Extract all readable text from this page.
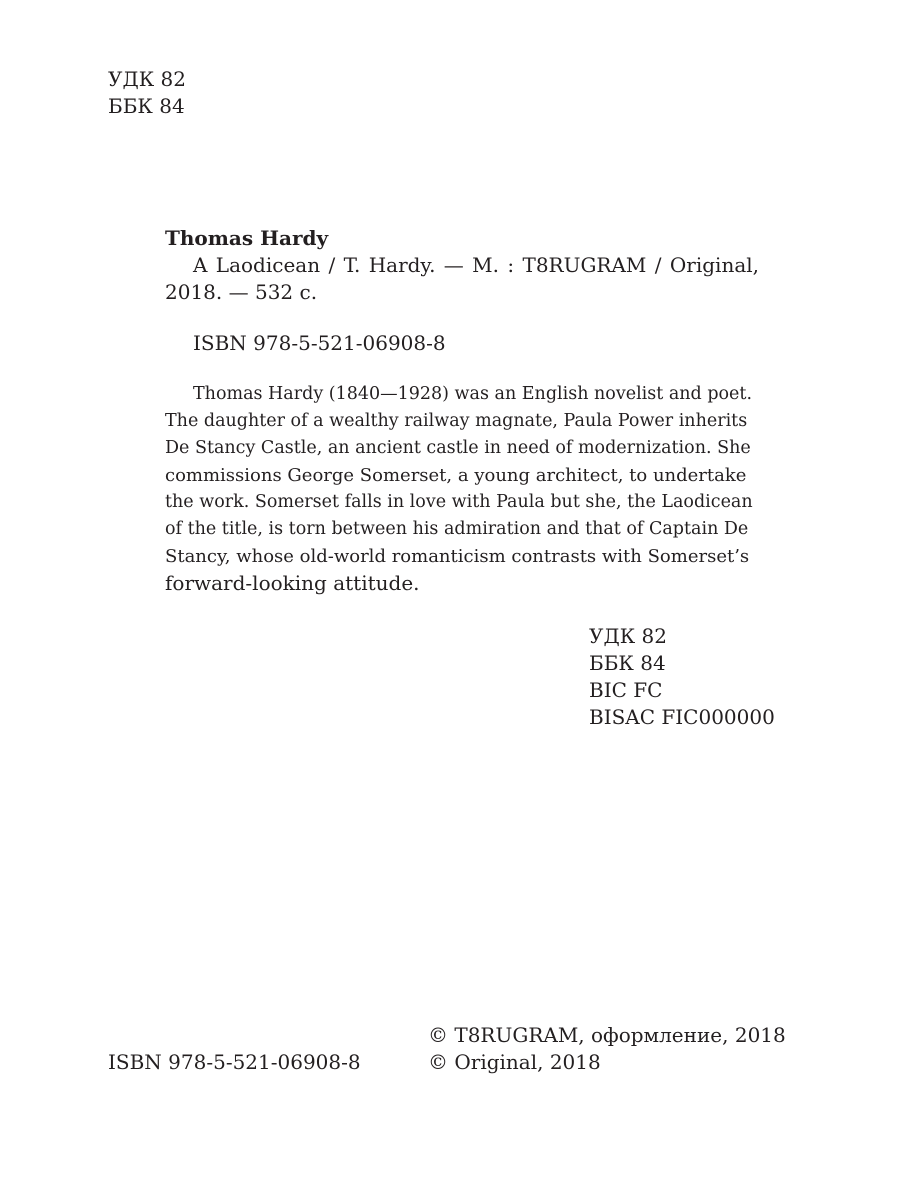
УДК 82
ББК 84
Thomas Hardy

A Laodicean / T. Hardy. — M. : T8RUGRAM / Original, 2018. — 532 с.

ISBN 978-5-521-06908-8
Thomas Hardy (1840—1928) was an English novelist and poet.
The daughter of a wealthy railway magnate, Paula Power inherits
De Stancy Castle, an ancient castle in need of modernization. She
commissions George Somerset, a young architect, to undertake
the work. Somerset falls in love with Paula but she, the Laodicean
of the title, is torn between his admiration and that of Captain De
Stancy, whose old-world romanticism contrasts with Somerset’s
forward-looking attitude.
УДК 82
ББК 84
BIC FC
BISAC FIC000000
ISBN 978-5-521-06908-8
© T8RUGRAM, оформление, 2018
© Original, 2018
